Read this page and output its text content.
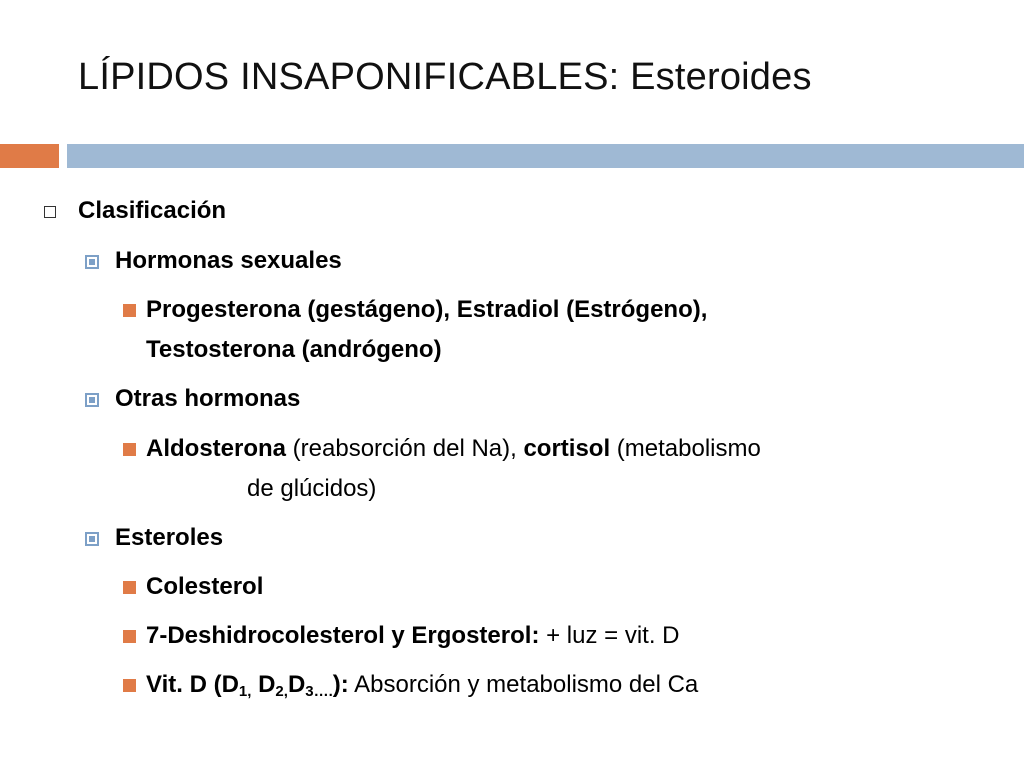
LÍPIDOS INSAPONIFICABLES: Esteroides
Clasificación
Hormonas sexuales
Progesterona (gestágeno), Estradiol (Estrógeno),
Testosterona (andrógeno)
Otras hormonas
Aldosterona (reabsorción del Na), cortisol (metabolismo
de glúcidos)
Esteroles
Colesterol
7-Deshidrocolesterol y Ergosterol: + luz = vit. D
Vit. D ($D_{1,}$ $D_{2,}D_{3\dots.}$): Absorción y metabolismo del Ca
